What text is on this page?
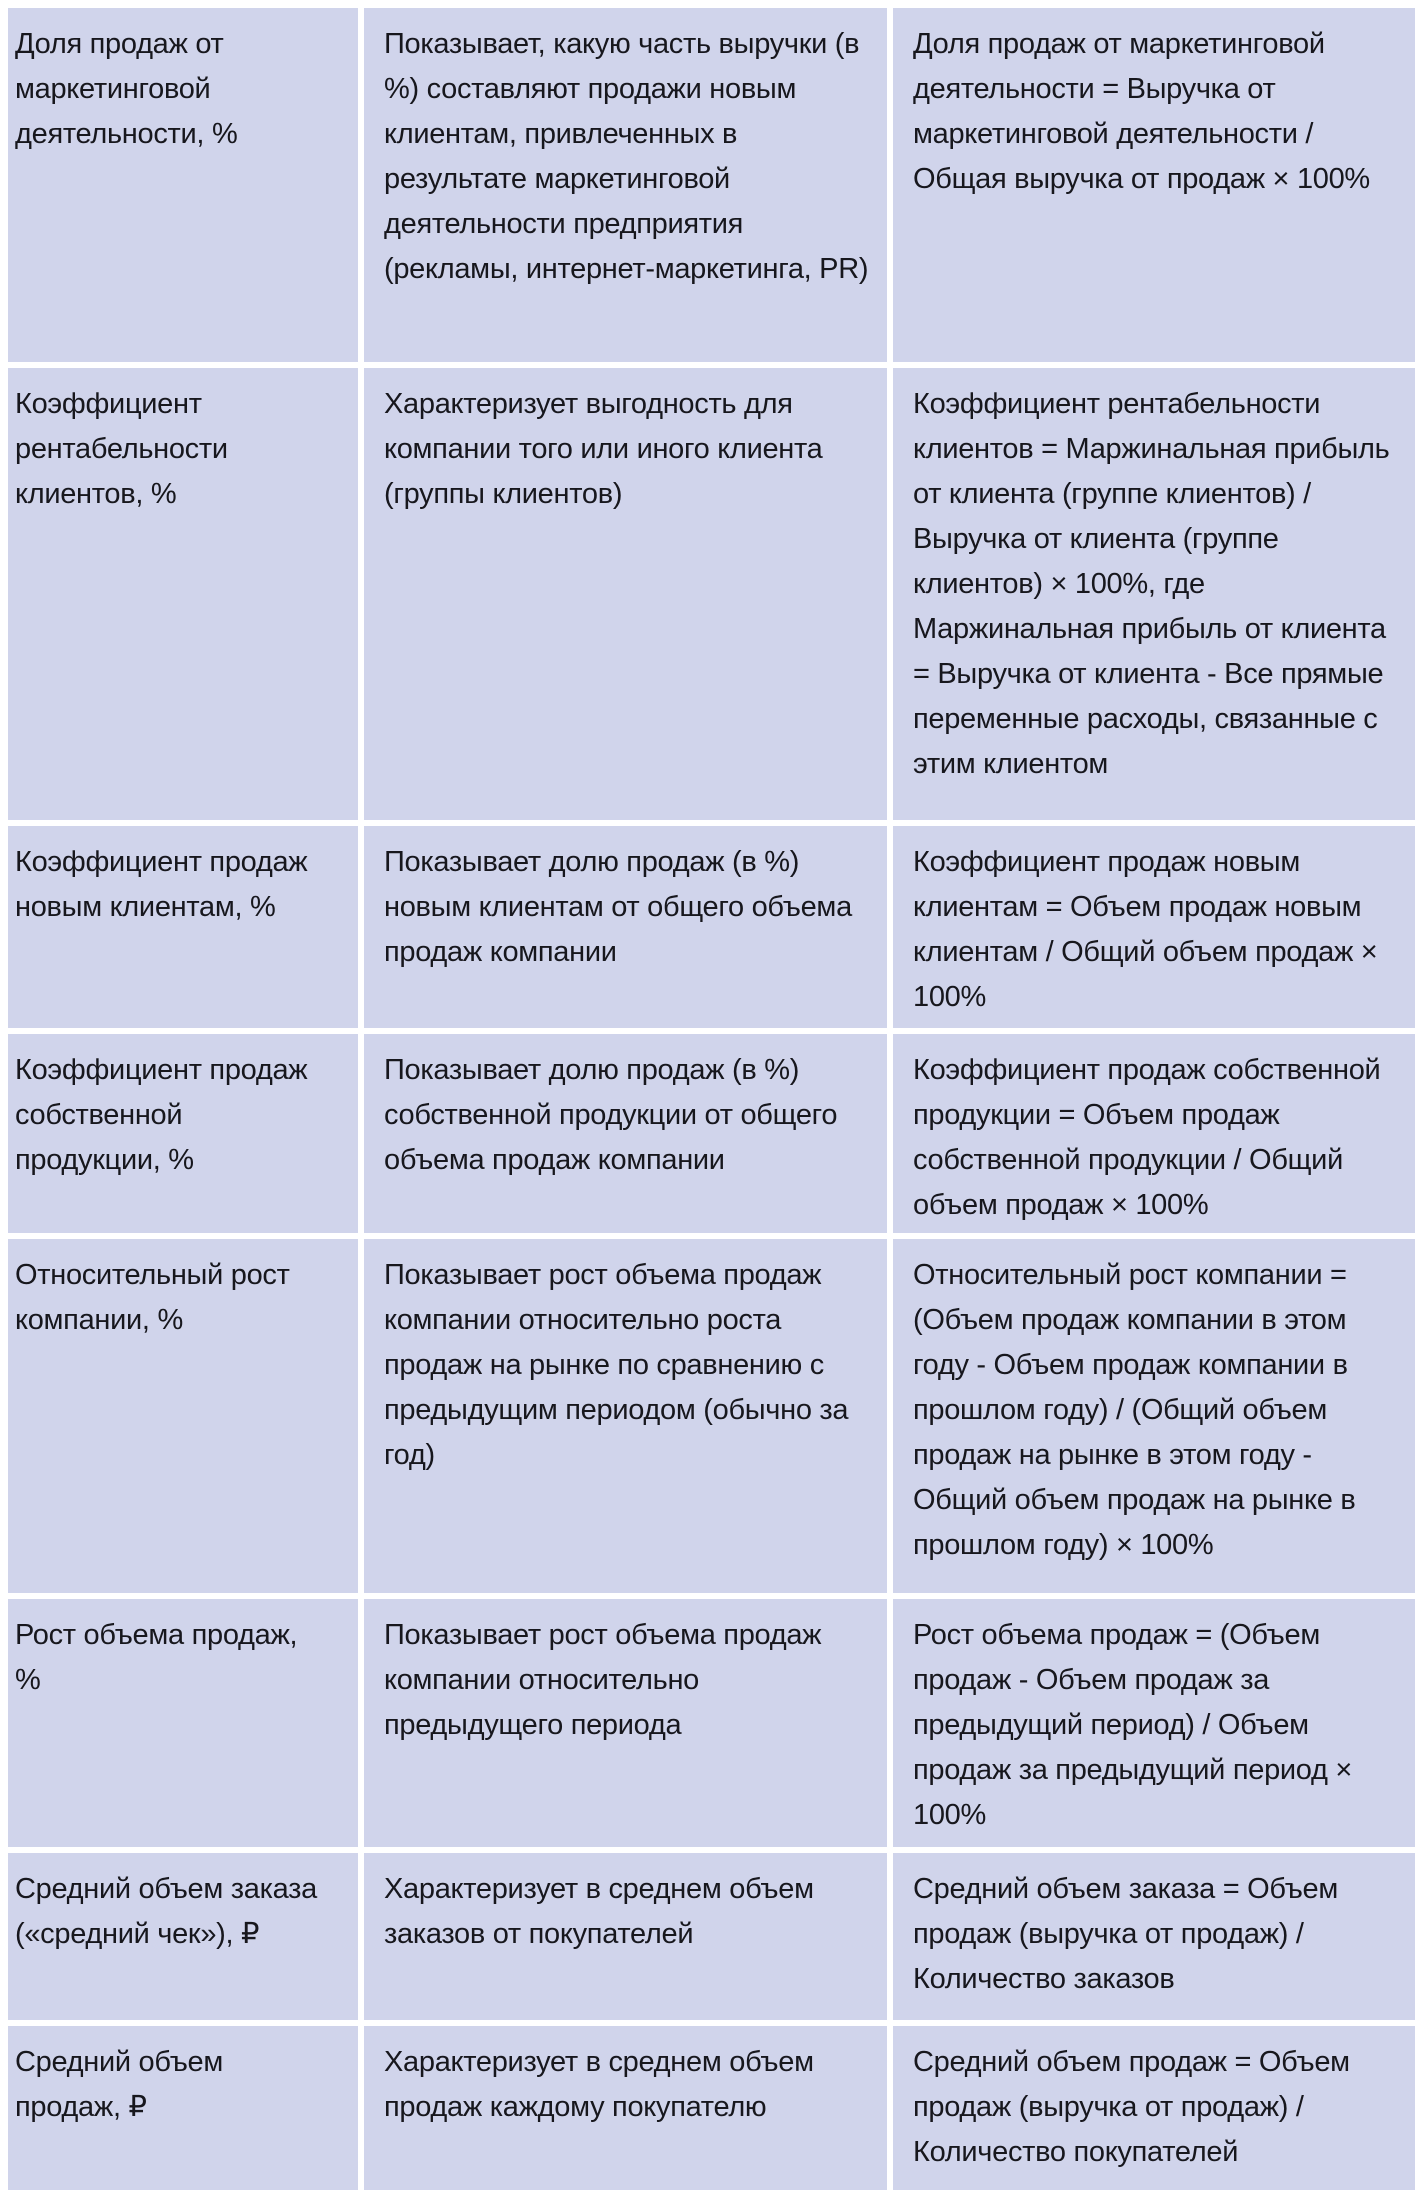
Доля продаж от маркетинговой деятельности, %
Показывает, какую часть выручки (в %) составляют продажи новым клиентам, привлеченных в результате маркетинговой деятельности предприятия (рекламы, интернет-маркетинга, PR)
Доля продаж от маркетинговой деятельности = Выручка от маркетинговой деятельности / Общая выручка от продаж × 100%
Коэффициент рентабельности клиентов, %
Характеризует выгодность для компании того или иного клиента (группы клиентов)
Коэффициент рентабельности клиентов = Маржинальная прибыль от клиента (группе клиентов) / Выручка от клиента (группе клиентов) × 100%, где Маржинальная прибыль от клиента = Выручка от клиента - Все прямые переменные расходы, связанные с этим клиентом
Коэффициент продаж новым клиентам, %
Показывает долю продаж (в %) новым клиентам от общего объема продаж компании
Коэффициент продаж новым клиентам = Объем продаж новым клиентам / Общий объем продаж × 100%
Коэффициент продаж собственной продукции, %
Показывает долю продаж (в %) собственной продукции от общего объема продаж компании
Коэффициент продаж собственной продукции = Объем продаж собственной продукции / Общий объем продаж × 100%
Относительный рост компании, %
Показывает рост объема продаж компании относительно роста продаж на рынке по сравнению с предыдущим периодом (обычно за год)
Относительный рост компании = (Объем продаж компании в этом году - Объем продаж компании в прошлом году) / (Общий объем продаж на рынке в этом году - Общий объем продаж на рынке в прошлом году) × 100%
Рост объема продаж, %
Показывает рост объема продаж компании относительно предыдущего периода
Рост объема продаж = (Объем продаж - Объем продаж за предыдущий период) / Объем продаж за предыдущий период × 100%
Средний объем заказа («средний чек»), ₽
Характеризует в среднем объем заказов от покупателей
Средний объем заказа = Объем продаж (выручка от продаж) / Количество заказов
Средний объем продаж, ₽
Характеризует в среднем объем продаж каждому покупателю
Средний объем продаж = Объем продаж (выручка от продаж) / Количество покупателей
